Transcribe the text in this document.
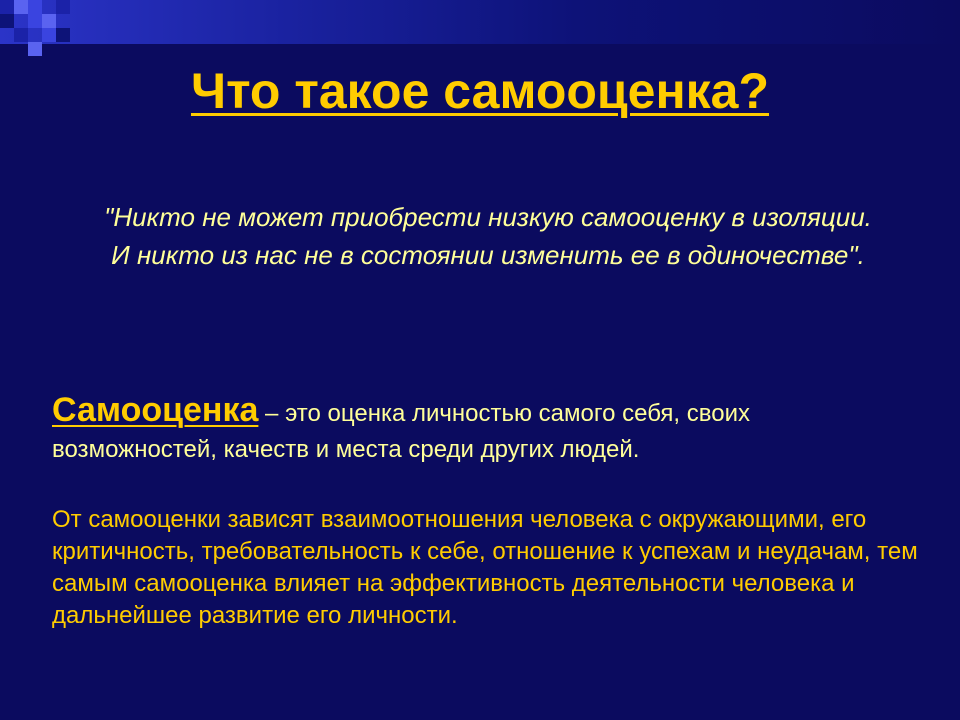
Что такое самооценка?

"Никто не может приобрести низкую самооценку в изоляции.
И никто из нас не в состоянии изменить ее в одиночестве".

Самооценка – это оценка личностью самого себя, своих возможностей, качеств и места среди других людей.

От самооценки зависят взаимоотношения человека с окружающими, его критичность, требовательность к себе, отношение к успехам и неудачам, тем самым самооценка влияет на эффективность деятельности человека и дальнейшее развитие его личности.
